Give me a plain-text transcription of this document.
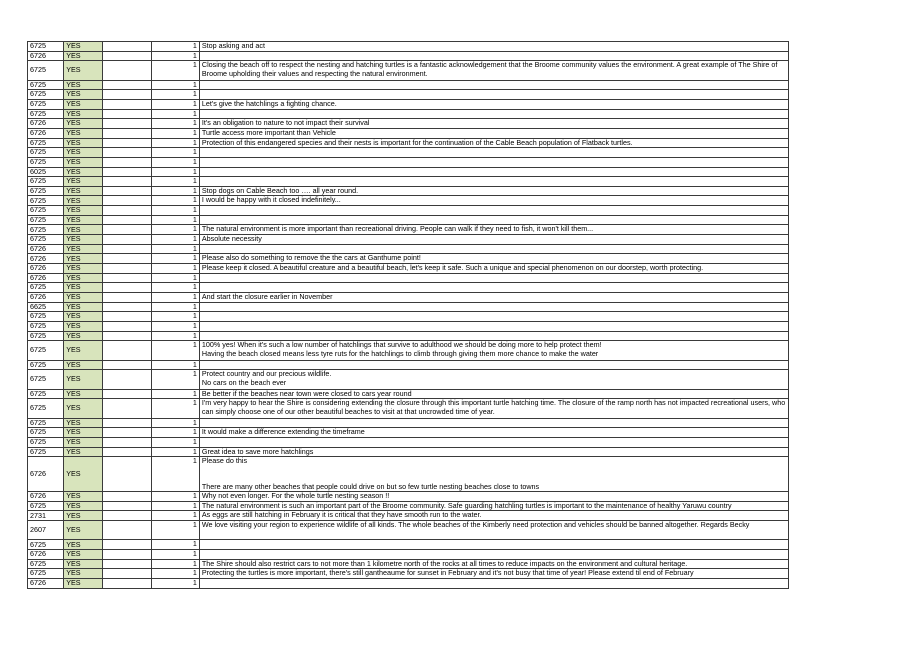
6725	YES		1	Stop asking and act
6726	YES		1	
6725	YES		1	Closing the beach off to respect the nesting and hatching turtles is a fantastic acknowledgement that the Broome community values the environment. A great example of The Shire of Broome upholding their values and respecting the natural environment.
6725	YES		1	
6725	YES		1	
6725	YES		1	Let's give the hatchlings a fighting chance.
6725	YES		1	
6726	YES		1	It's an obligation to nature to not impact their survival
6726	YES		1	Turtle access more important than Vehicle
6725	YES		1	Protection of this endangered species and their nests is important for the continuation of the Cable Beach population of Flatback turtles.
6725	YES		1	
6725	YES		1	
6025	YES		1	
6725	YES		1	
6725	YES		1	Stop dogs on Cable Beach too …. all year round.
6725	YES		1	I would be happy with it closed indefinitely...
6725	YES		1	
6725	YES		1	
6725	YES		1	The natural environment is more important than recreational driving. People can walk if they need to fish, it won't kill them...
6725	YES		1	Absolute necessity
6726	YES		1	
6726	YES		1	Please also do something to remove the the cars at Ganthume point!
6726	YES		1	Please keep it closed. A beautiful creature and a beautiful beach, let's keep it safe. Such a unique and special phenomenon on our doorstep, worth protecting.
6726	YES		1	
6725	YES		1	
6726	YES		1	And start the closure earlier in November
6625	YES		1	
6725	YES		1	
6725	YES		1	
6725	YES		1	
6725	YES		1	100% yes! When it's such a low number of hatchlings that survive to adulthood we should be doing more to help protect them!
Having the beach closed means less tyre ruts for the hatchlings to climb through giving them more chance to make the water
6725	YES		1	
6725	YES		1	Protect country and our precious wildlife.
No cars on the beach ever
6725	YES		1	Be better if the beaches near town were closed to cars year round
6725	YES		1	I'm very happy to hear the Shire is considering extending the closure through this important turtle hatching time. The closure of the ramp north has not impacted recreational users, who can simply choose one of our other beautiful beaches to visit at that uncrowded time of year.
6725	YES		1	
6725	YES		1	It would make a difference extending the timeframe
6725	YES		1	
6725	YES		1	Great idea to save more hatchlings
6726	YES		1	Please do this

There are many other beaches that people could drive on but so few turtle nesting beaches close to towns
6726	YES		1	Why not even longer. For the whole turtle nesting season !!
6725	YES		1	The natural environment is such an important part of the Broome community. Safe guarding hatchling turtles is important to the maintenance of healthy Yaruwu country
2731	YES		1	As eggs are still hatching in February it is critical that they have smooth run to the water.
2607	YES		1	We love visiting your region to experience wildlife of all kinds. The whole beaches of the Kimberly need protection and vehicles should be banned altogether. Regards Becky
6725	YES		1	
6726	YES		1	
6725	YES		1	The Shire should also restrict cars to not more than 1 kilometre north of the rocks at all times to reduce impacts on the environment and cultural heritage.
6725	YES		1	Protecting the turtles is more important, there's still gantheaume for sunset in February and it's not busy that time of year! Please extend til end of February
6726	YES		1	
